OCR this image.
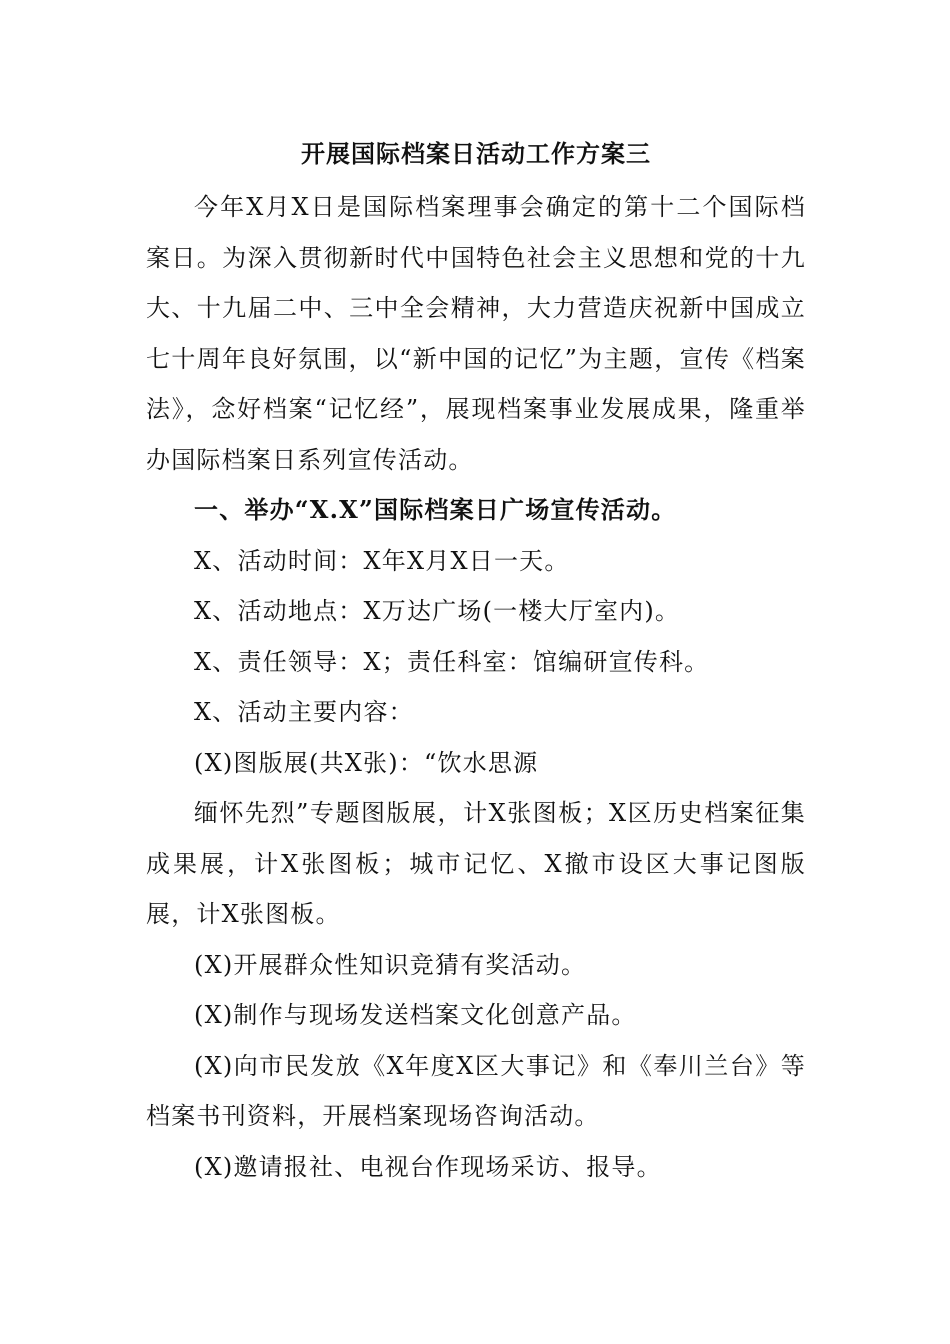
开展国际档案日活动工作方案三

今年X月X日是国际档案理事会确定的第十二个国际档案日。为深入贯彻新时代中国特色社会主义思想和党的十九大、十九届二中、三中全会精神，大力营造庆祝新中国成立七十周年良好氛围，以“新中国的记忆”为主题，宣传《档案法》，念好档案“记忆经”，展现档案事业发展成果，隆重举办国际档案日系列宣传活动。

一、举办“X.X”国际档案日广场宣传活动。

X、活动时间：X年X月X日一天。

X、活动地点：X万达广场(一楼大厅室内)。

X、责任领导：X；责任科室：馆编研宣传科。

X、活动主要内容：

(X)图版展(共X张)：“饮水思源

缅怀先烈”专题图版展，计X张图板；X区历史档案征集成果展，计X张图板；城市记忆、X撤市设区大事记图版展，计X张图板。

(X)开展群众性知识竞猜有奖活动。

(X)制作与现场发送档案文化创意产品。

(X)向市民发放《X年度X区大事记》和《奉川兰台》等档案书刊资料，开展档案现场咨询活动。

(X)邀请报社、电视台作现场采访、报导。
